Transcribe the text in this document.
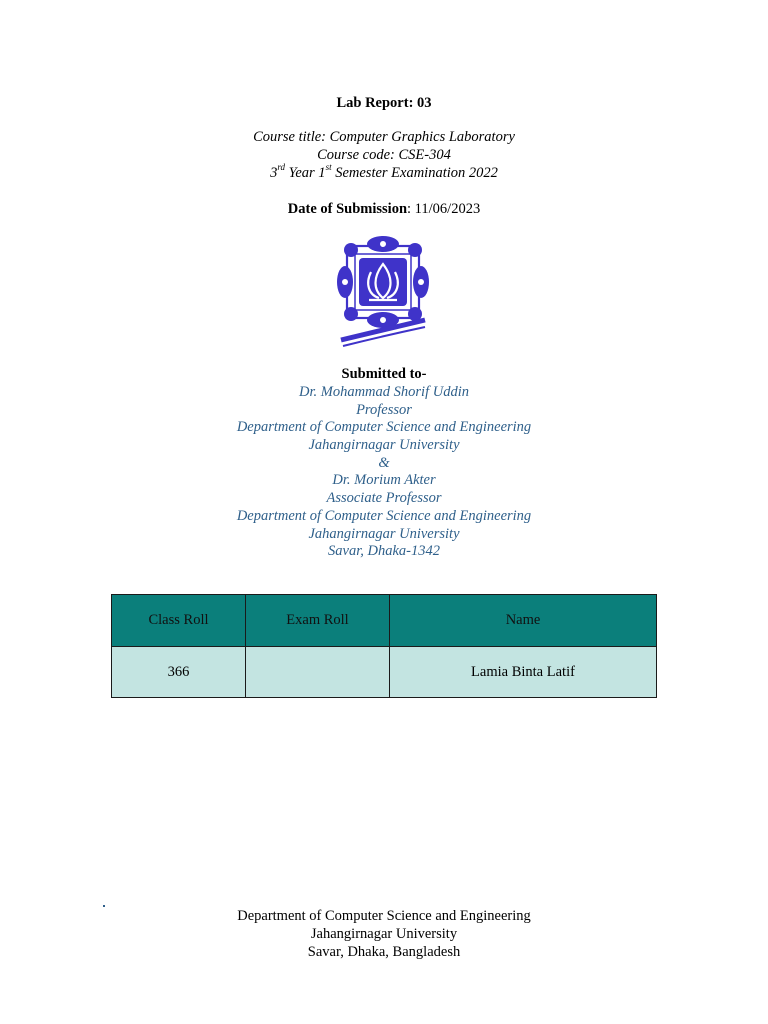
Lab Report: 03
Course title: Computer Graphics Laboratory
Course code: CSE-304
3rd Year 1st Semester Examination 2022
Date of Submission: 11/06/2023
Submitted to-
Dr. Mohammad Shorif Uddin
Professor
Department of Computer Science and Engineering
Jahangirnagar University
&
Dr. Morium Akter
Associate Professor
Department of Computer Science and Engineering
Jahangirnagar University
Savar, Dhaka-1342
Class Roll	Exam Roll	Name
366		Lamia Binta Latif
Department of Computer Science and Engineering
Jahangirnagar University
Savar, Dhaka, Bangladesh
